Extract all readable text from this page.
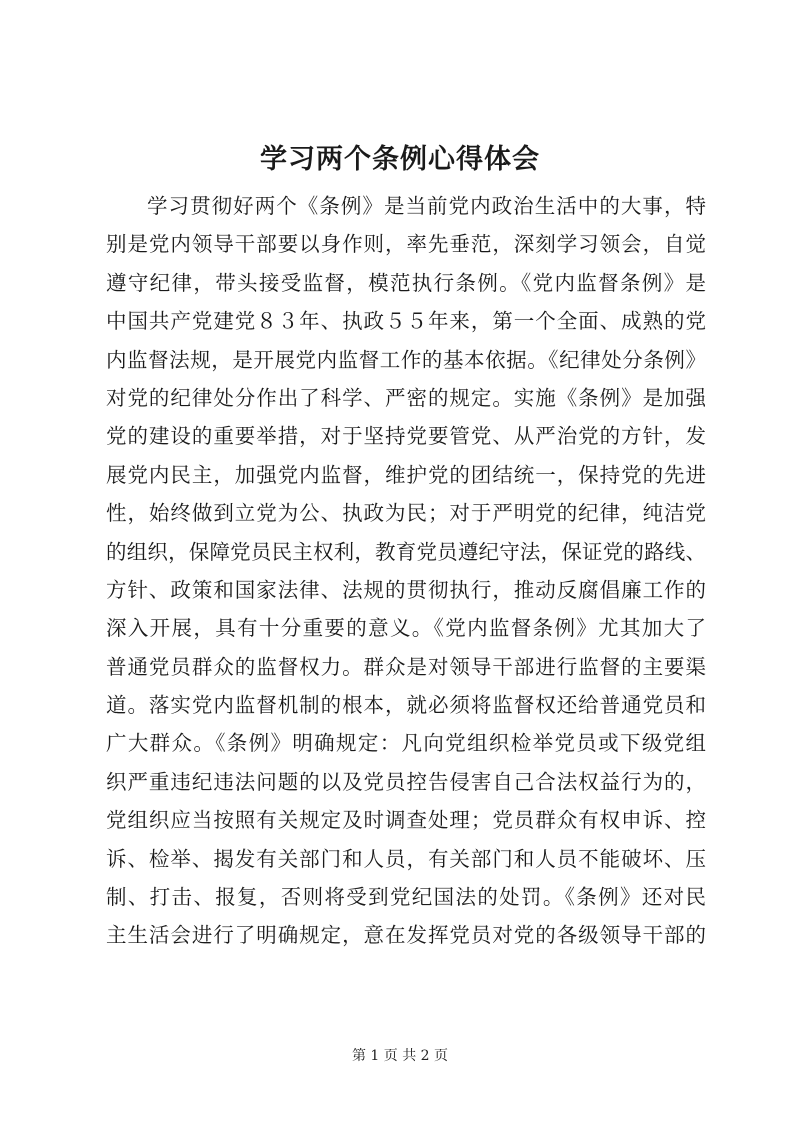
学习两个条例心得体会
学习贯彻好两个《条例》是当前党内政治生活中的大事，特
别是党内领导干部要以身作则，率先垂范，深刻学习领会，自觉
遵守纪律，带头接受监督，模范执行条例。《党内监督条例》是
中国共产党建党８３年、执政５５年来，第一个全面、成熟的党
内监督法规，是开展党内监督工作的基本依据。《纪律处分条例》
对党的纪律处分作出了科学、严密的规定。实施《条例》是加强
党的建设的重要举措，对于坚持党要管党、从严治党的方针，发
展党内民主，加强党内监督，维护党的团结统一，保持党的先进
性，始终做到立党为公、执政为民；对于严明党的纪律，纯洁党
的组织，保障党员民主权利，教育党员遵纪守法，保证党的路线、
方针、政策和国家法律、法规的贯彻执行，推动反腐倡廉工作的
深入开展，具有十分重要的意义。《党内监督条例》尤其加大了
普通党员群众的监督权力。群众是对领导干部进行监督的主要渠
道。落实党内监督机制的根本，就必须将监督权还给普通党员和
广大群众。《条例》明确规定：凡向党组织检举党员或下级党组
织严重违纪违法问题的以及党员控告侵害自己合法权益行为的，
党组织应当按照有关规定及时调查处理；党员群众有权申诉、控
诉、检举、揭发有关部门和人员，有关部门和人员不能破坏、压
制、打击、报复，否则将受到党纪国法的处罚。《条例》还对民
主生活会进行了明确规定，意在发挥党员对党的各级领导干部的
第 1 页 共 2 页
